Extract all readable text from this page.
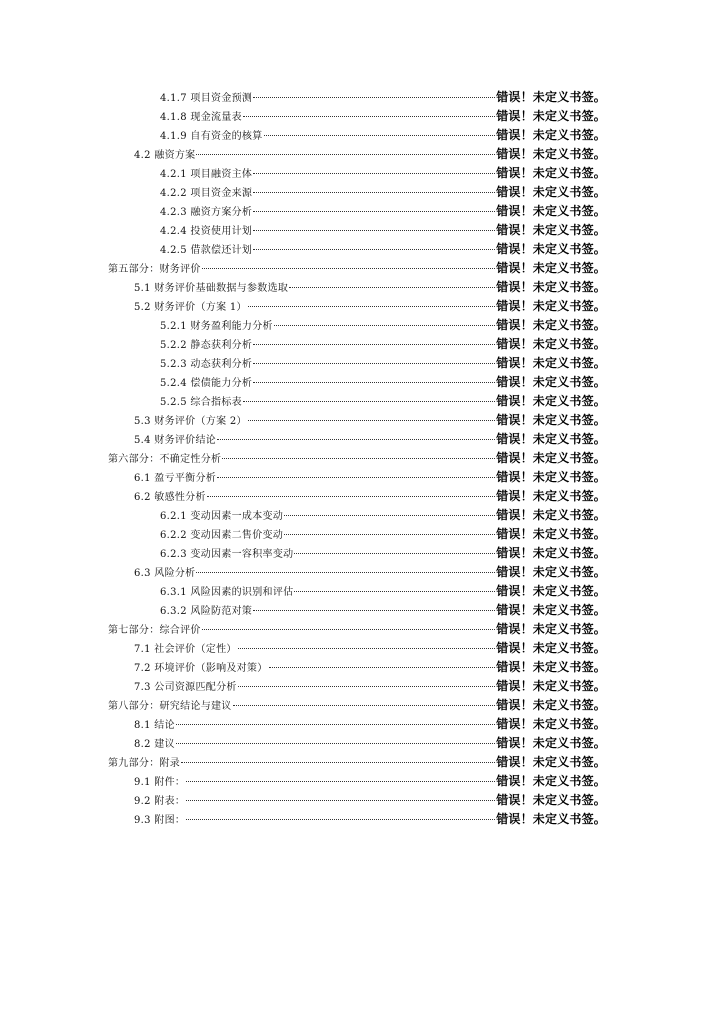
4.1.7 项目资金预测	错误！未定义书签。
4.1.8 现金流量表	错误！未定义书签。
4.1.9 自有资金的核算	错误！未定义书签。
4.2 融资方案	错误！未定义书签。
4.2.1 项目融资主体	错误！未定义书签。
4.2.2 项目资金来源	错误！未定义书签。
4.2.3 融资方案分析	错误！未定义书签。
4.2.4 投资使用计划	错误！未定义书签。
4.2.5 借款偿还计划	错误！未定义书签。
第五部分：财务评价	错误！未定义书签。
5.1 财务评价基础数据与参数选取	错误！未定义书签。
5.2 财务评价（方案 1）	错误！未定义书签。
5.2.1 财务盈利能力分析	错误！未定义书签。
5.2.2 静态获利分析	错误！未定义书签。
5.2.3 动态获利分析	错误！未定义书签。
5.2.4 偿债能力分析	错误！未定义书签。
5.2.5 综合指标表	错误！未定义书签。
5.3 财务评价（方案 2）	错误！未定义书签。
5.4 财务评价结论	错误！未定义书签。
第六部分：不确定性分析	错误！未定义书签。
6.1 盈亏平衡分析	错误！未定义书签。
6.2 敏感性分析	错误！未定义书签。
6.2.1 变动因素一成本变动	错误！未定义书签。
6.2.2 变动因素二售价变动	错误！未定义书签。
6.2.3 变动因素一容积率变动	错误！未定义书签。
6.3 风险分析	错误！未定义书签。
6.3.1 风险因素的识别和评估	错误！未定义书签。
6.3.2 风险防范对策	错误！未定义书签。
第七部分：综合评价	错误！未定义书签。
7.1 社会评价（定性）	错误！未定义书签。
7.2 环境评价（影响及对策）	错误！未定义书签。
7.3 公司资源匹配分析	错误！未定义书签。
第八部分：研究结论与建议	错误！未定义书签。
8.1 结论	错误！未定义书签。
8.2 建议	错误！未定义书签。
第九部分：附录	错误！未定义书签。
9.1 附件：	错误！未定义书签。
9.2 附表：	错误！未定义书签。
9.3 附图：	错误！未定义书签。
